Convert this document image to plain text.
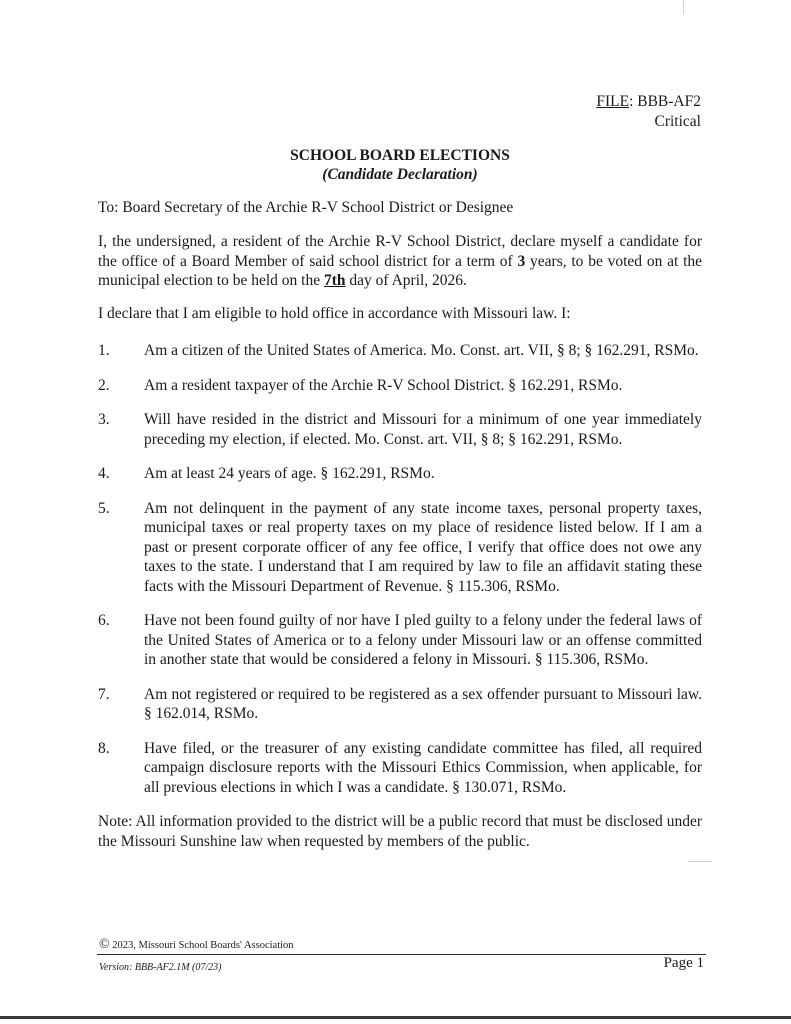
FILE: BBB-AF2
Critical
SCHOOL BOARD ELECTIONS
(Candidate Declaration)
To: Board Secretary of the Archie R-V School District or Designee
I, the undersigned, a resident of the Archie R-V School District, declare myself a candidate for the office of a Board Member of said school district for a term of 3 years, to be voted on at the municipal election to be held on the 7th day of April, 2026.
I declare that I am eligible to hold office in accordance with Missouri law. I:
1. Am a citizen of the United States of America. Mo. Const. art. VII, § 8; § 162.291, RSMo.
2. Am a resident taxpayer of the Archie R-V School District. § 162.291, RSMo.
3. Will have resided in the district and Missouri for a minimum of one year immediately preceding my election, if elected. Mo. Const. art. VII, § 8; § 162.291, RSMo.
4. Am at least 24 years of age. § 162.291, RSMo.
5. Am not delinquent in the payment of any state income taxes, personal property taxes, municipal taxes or real property taxes on my place of residence listed below. If I am a past or present corporate officer of any fee office, I verify that office does not owe any taxes to the state. I understand that I am required by law to file an affidavit stating these facts with the Missouri Department of Revenue. § 115.306, RSMo.
6. Have not been found guilty of nor have I pled guilty to a felony under the federal laws of the United States of America or to a felony under Missouri law or an offense committed in another state that would be considered a felony in Missouri. § 115.306, RSMo.
7. Am not registered or required to be registered as a sex offender pursuant to Missouri law. § 162.014, RSMo.
8. Have filed, or the treasurer of any existing candidate committee has filed, all required campaign disclosure reports with the Missouri Ethics Commission, when applicable, for all previous elections in which I was a candidate. § 130.071, RSMo.
Note: All information provided to the district will be a public record that must be disclosed under the Missouri Sunshine law when requested by members of the public.
© 2023, Missouri School Boards' Association
Version: BBB-AF2.1M (07/23)	Page 1
